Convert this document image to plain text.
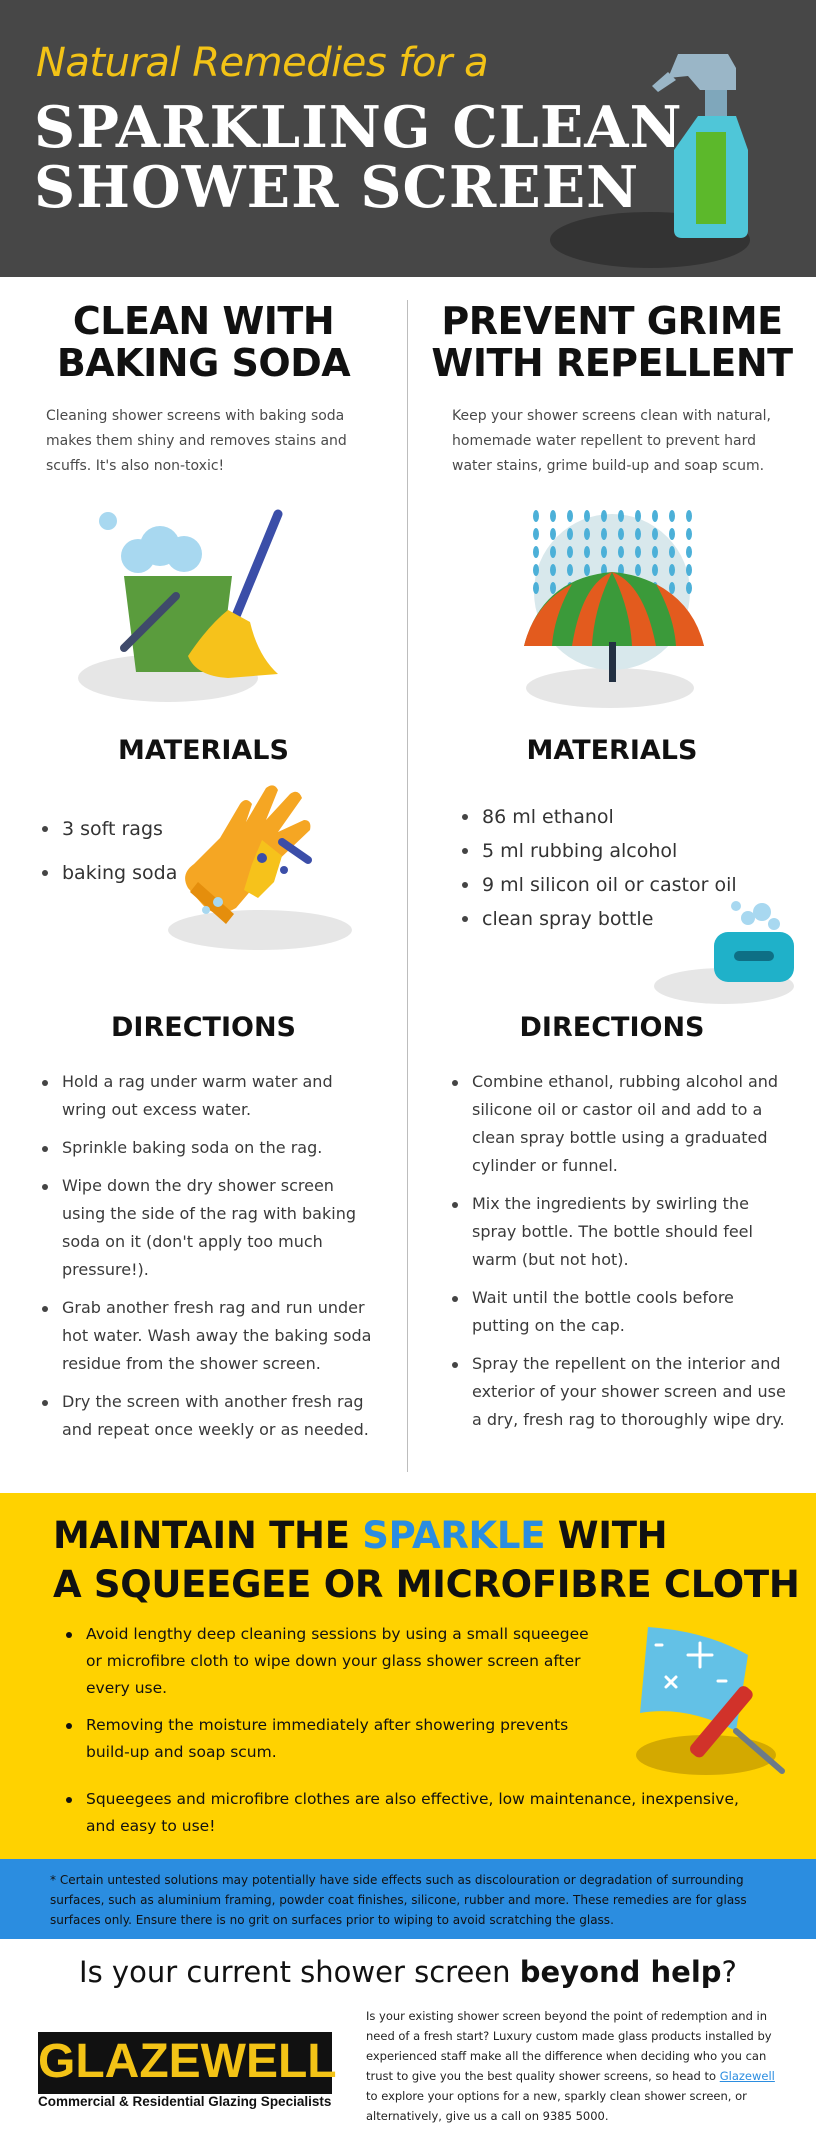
Natural Remedies for a
SPARKLING CLEAN
SHOWER SCREEN
CLEAN WITH
BAKING SODA
Cleaning shower screens with baking soda makes them shiny and removes stains and scuffs. It's also non-toxic!
MATERIALS
3 soft rags
baking soda
DIRECTIONS
Hold a rag under warm water and wring out excess water.
Sprinkle baking soda on the rag.
Wipe down the dry shower screen using the side of the rag with baking soda on it (don't apply too much pressure!).
Grab another fresh rag and run under hot water. Wash away the baking soda residue from the shower screen.
Dry the screen with another fresh rag and repeat once weekly or as needed.
PREVENT GRIME
WITH REPELLENT
Keep your shower screens clean with natural, homemade water repellent to prevent hard water stains, grime build-up and soap scum.
MATERIALS
86 ml ethanol
5 ml rubbing alcohol
9 ml silicon oil or castor oil
clean spray bottle
DIRECTIONS
Combine ethanol, rubbing alcohol and silicone oil or castor oil and add to a clean spray bottle using a graduated cylinder or funnel.
Mix the ingredients by swirling the spray bottle. The bottle should feel warm (but not hot).
Wait until the bottle cools before putting on the cap.
Spray the repellent on the interior and exterior of your shower screen and use a dry, fresh rag to thoroughly wipe dry.
MAINTAIN THE SPARKLE WITH
A SQUEEGEE OR MICROFIBRE CLOTH
Avoid lengthy deep cleaning sessions by using a small squeegee or microfibre cloth to wipe down your glass shower screen after every use.
Removing the moisture immediately after showering prevents build-up and soap scum.
Squeegees and microfibre clothes are also effective, low maintenance, inexpensive, and easy to use!

* Certain untested solutions may potentially have side effects such as discolouration or degradation of surrounding surfaces, such as aluminium framing, powder coat finishes, silicone, rubber and more. These remedies are for glass surfaces only. Ensure there is no grit on surfaces prior to wiping to avoid scratching the glass.

Is your current shower screen beyond help?
GLAZEWELL
Commercial & Residential Glazing Specialists
Is your existing shower screen beyond the point of redemption and in need of a fresh start? Luxury custom made glass products installed by experienced staff make all the difference when deciding who you can trust to give you the best quality shower screens, so head to Glazewell to explore your options for a new, sparkly clean shower screen, or alternatively, give us a call on 9385 5000.
